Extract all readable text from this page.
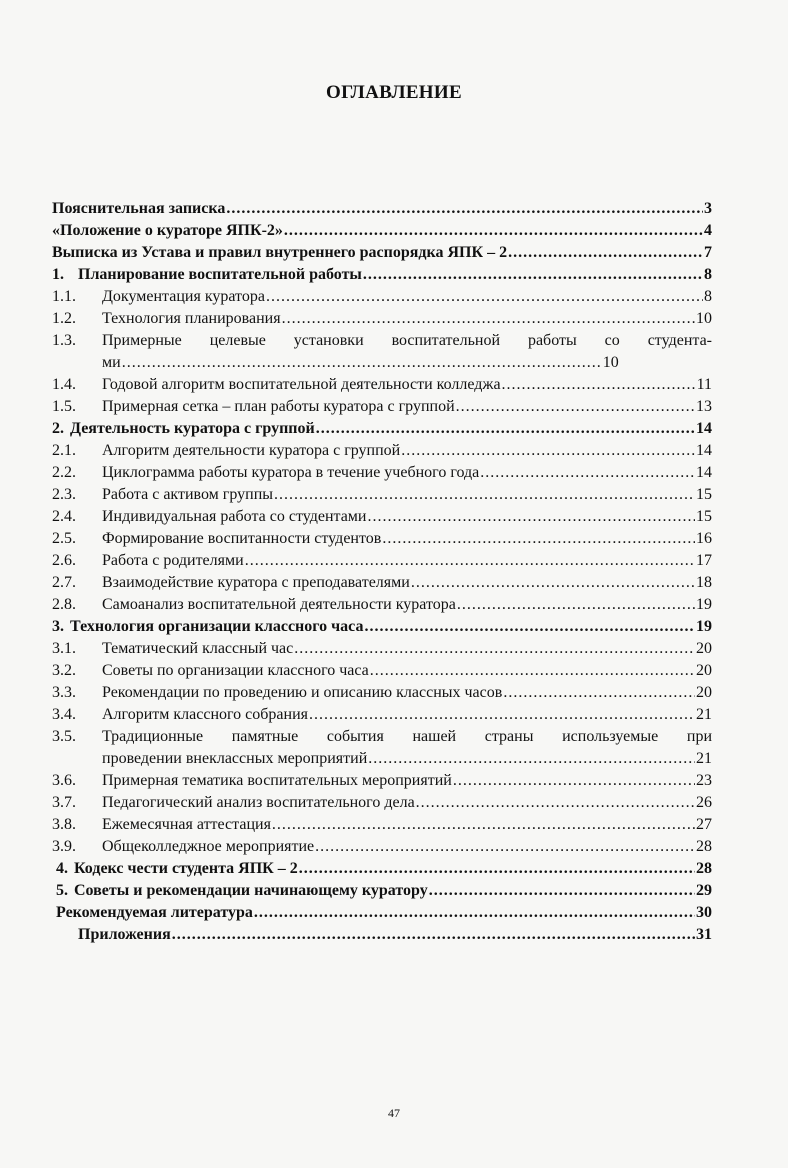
ОГЛАВЛЕНИЕ
Пояснительная записка .....	3
«Положение о кураторе ЯПК-2» .....	4
Выписка из Устава и правил внутреннего распорядка ЯПК – 2 .....	7
1. Планирование воспитательной работы .....	8
1.1.	Документация куратора .....	8
1.2.	Технология планирования .....	10
1.3.	Примерные целевые установки воспитательной работы со студента-
ми .....	10
1.4.	Годовой алгоритм воспитательной деятельности колледжа .....	11
1.5.	Примерная сетка – план работы куратора с группой .....	13
2. Деятельность куратора с группой .....	14
2.1.	Алгоритм деятельности куратора с группой .....	14
2.2.	Циклограмма работы куратора в течение учебного года .....	14
2.3.	Работа с активом группы .....	15
2.4.	Индивидуальная работа со студентами .....	15
2.5.	Формирование воспитанности студентов .....	16
2.6.	Работа с родителями .....	17
2.7.	Взаимодействие куратора с преподавателями .....	18
2.8.	Самоанализ воспитательной деятельности куратора .....	19
3. Технология организации классного часа .....	19
3.1.	Тематический классный час .....	20
3.2.	Советы по организации классного часа .....	20
3.3.	Рекомендации по проведению и описанию классных часов .....	20
3.4.	Алгоритм классного собрания .....	21
3.5.	Традиционные памятные события нашей страны используемые при
проведении внеклассных мероприятий .....	21
3.6.	Примерная тематика воспитательных мероприятий .....	23
3.7.	Педагогический анализ воспитательного дела .....	26
3.8.	Ежемесячная аттестация .....	27
3.9.	Общеколледжное мероприятие .....	28
4. Кодекс чести студента ЯПК – 2 .....	28
5. Советы и рекомендации начинающему куратору .....	29
Рекомендуемая литература .....	30
Приложения .....	31
47
